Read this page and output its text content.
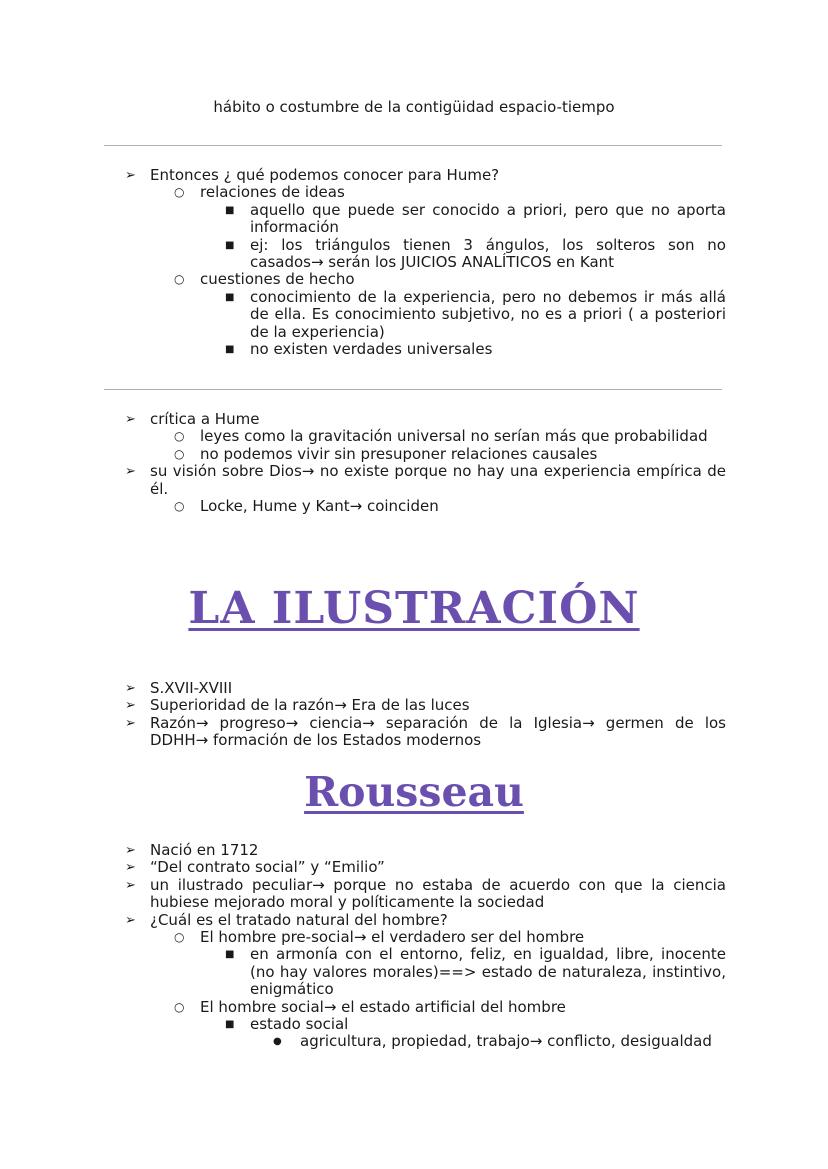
hábito o costumbre de la contigüidad espacio-tiempo
➢ Entonces ¿ qué podemos conocer para Hume?
○ relaciones de ideas
■ aquello que puede ser conocido a priori, pero que no aporta información
■ ej: los triángulos tienen 3 ángulos, los solteros son no casados→ serán los JUICIOS ANALÍTICOS en Kant
○ cuestiones de hecho
■ conocimiento de la experiencia, pero no debemos ir más allá de ella. Es conocimiento subjetivo, no es a priori ( a posteriori de la experiencia)
■ no existen verdades universales
➢ crítica a Hume
○ leyes como la gravitación universal no serían más que probabilidad
○ no podemos vivir sin presuponer relaciones causales
➢ su visión sobre Dios→ no existe porque no hay una experiencia empírica de él.
○ Locke, Hume y Kant→ coinciden
LA ILUSTRACIÓN
➢ S.XVII-XVIII
➢ Superioridad de la razón→ Era de las luces
➢ Razón→ progreso→ ciencia→ separación de la Iglesia→ germen de los DDHH→ formación de los Estados modernos
Rousseau
➢ Nació en 1712
➢ “Del contrato social” y “Emilio”
➢ un ilustrado peculiar→ porque no estaba de acuerdo con que la ciencia hubiese mejorado moral y políticamente la sociedad
➢ ¿Cuál es el tratado natural del hombre?
○ El hombre pre-social→ el verdadero ser del hombre
■ en armonía con el entorno, feliz, en igualdad, libre, inocente (no hay valores morales)==> estado de naturaleza, instintivo, enigmático
○ El hombre social→ el estado artificial del hombre
■ estado social
● agricultura, propiedad, trabajo→ conflicto, desigualdad
